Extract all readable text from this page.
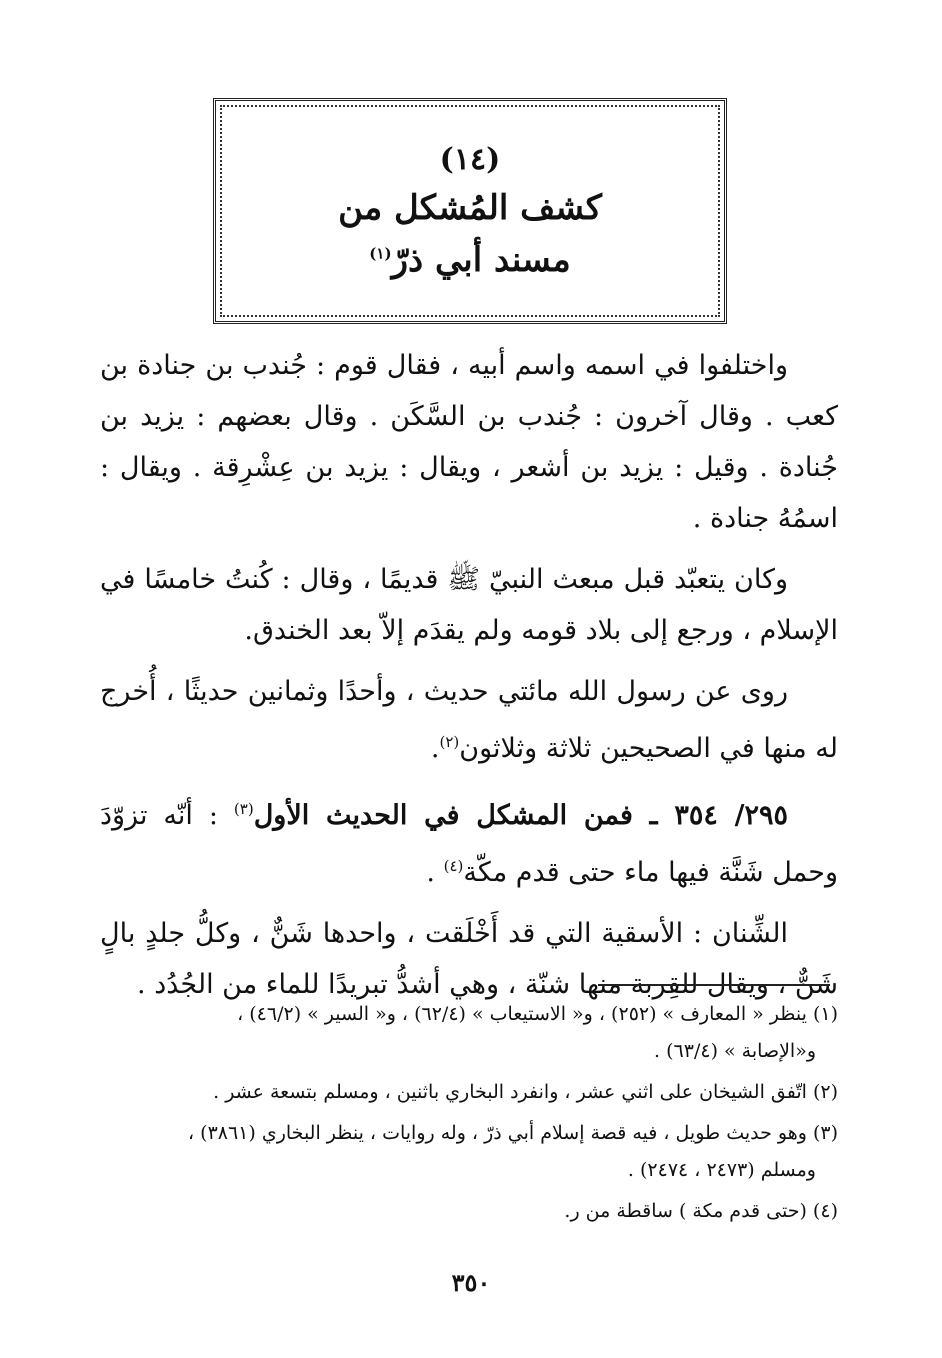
(١٤)
كشف المُشكل من
مسند أبي ذرّ$^{(١)}$

واختلفوا في اسمه واسم أبيه ، فقال قوم : جُندب بن جنادة بن كعب . وقال آخرون : جُندب بن السَّكَن . وقال بعضهم : يزيد بن جُنادة . وقيل : يزيد بن أشعر ، ويقال : يزيد بن عِشْرِقة . ويقال : اسمُهُ جنادة .

وكان يتعبّد قبل مبعث النبيّ ﷺ قديمًا ، وقال : كُنتُ خامسًا في الإسلام ، ورجع إلى بلاد قومه ولم يقدَم إلاّ بعد الخندق.

روى عن رسول الله مائتي حديث ، وأحدًا وثمانين حديثًا ، أُخرج له منها في الصحيحين ثلاثة وثلاثون$^{(٢)}$.

٢٩٥/ ٣٥٤ ـ فمن المشكل في الحديث الأول$^{(٣)}$ : أنّه تزوّدَ وحمل شَنَّة فيها ماء حتى قدم مكّة$^{(٤)}$ .

الشِّنان : الأسقية التي قد أَخْلَقت ، واحدها شَنٌّ ، وكلُّ جلدٍ بالٍ شَنٌّ ، ويقال للقِربة منها شنّة ، وهي أشدُّ تبريدًا للماء من الجُدُد .

(١) ينظر « المعارف » (٢٥٢) ، و« الاستيعاب » (٦٢/٤) ، و« السير » (٤٦/٢) ،
و«الإصابة » (٦٣/٤) .
(٢) اتّفق الشيخان على اثني عشر ، وانفرد البخاري باثنين ، ومسلم بتسعة عشر .
(٣) وهو حديث طويل ، فيه قصة إسلام أبي ذرّ ، وله روايات ، ينظر البخاري (٣٨٦١) ،
ومسلم (٢٤٧٣ ، ٢٤٧٤) .
(٤) (حتى قدم مكة ) ساقطة من ر.
٣٥٠
